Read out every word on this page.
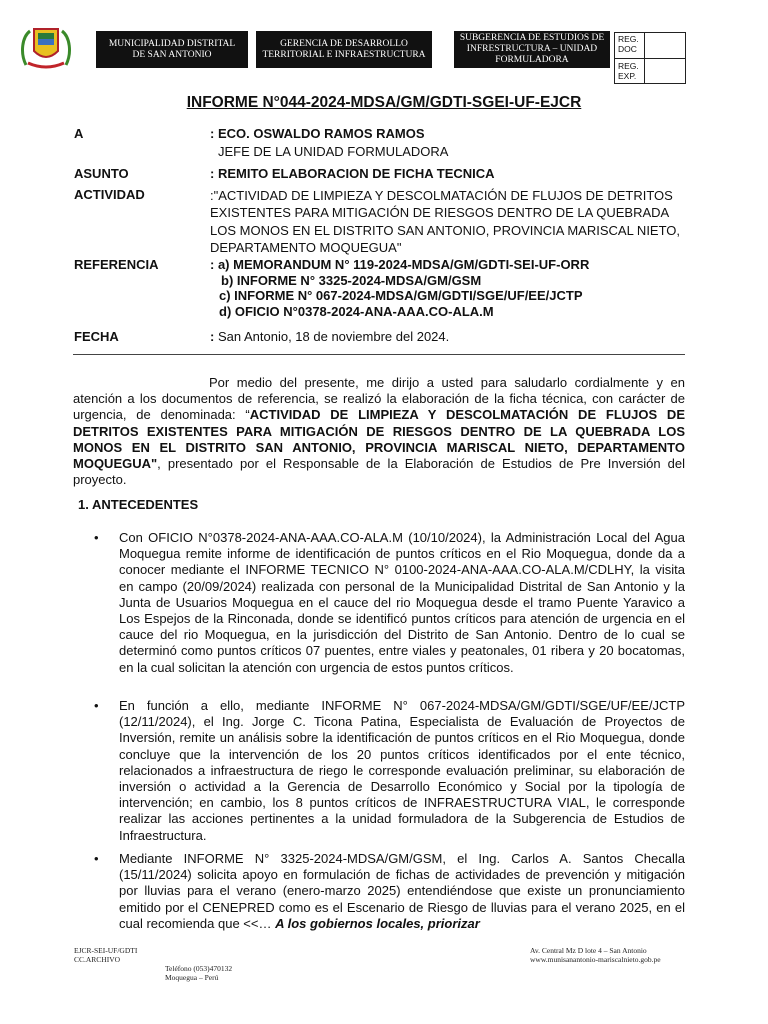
MUNICIPALIDAD DISTRITAL
DE SAN ANTONIO
GERENCIA DE DESARROLLO
TERRITORIAL E INFRAESTRUCTURA
SUBGERENCIA DE ESTUDIOS DE
INFRESTRUCTURA – UNIDAD
FORMULADORA
REG.
DOC
REG.
EXP.
INFORME N°044-2024-MDSA/GM/GDTI-SGEI-UF-EJCR
A	: ECO. OSWALDO RAMOS RAMOS
JEFE DE LA UNIDAD FORMULADORA
ASUNTO	: REMITO ELABORACION DE FICHA TECNICA
ACTIVIDAD	:"ACTIVIDAD DE LIMPIEZA Y DESCOLMATACIÓN DE FLUJOS DE DETRITOS
EXISTENTES PARA MITIGACIÓN DE RIESGOS DENTRO DE LA QUEBRADA
LOS MONOS EN EL DISTRITO SAN ANTONIO, PROVINCIA MARISCAL NIETO,
DEPARTAMENTO MOQUEGUA"
REFERENCIA	: a) MEMORANDUM N° 119-2024-MDSA/GM/GDTI-SEI-UF-ORR
b) INFORME N° 3325-2024-MDSA/GM/GSM
c) INFORME N° 067-2024-MDSA/GM/GDTI/SGE/UF/EE/JCTP
d) OFICIO N°0378-2024-ANA-AAA.CO-ALA.M
FECHA	: San Antonio, 18 de noviembre del 2024.
Por medio del presente, me dirijo a usted para saludarlo cordialmente y en atención a los documentos de referencia, se realizó la elaboración de la ficha técnica, con carácter de urgencia, de denominada: “ACTIVIDAD DE LIMPIEZA Y DESCOLMATACIÓN DE FLUJOS DE DETRITOS EXISTENTES PARA MITIGACIÓN DE RIESGOS DENTRO DE LA QUEBRADA LOS MONOS EN EL DISTRITO SAN ANTONIO, PROVINCIA MARISCAL NIETO, DEPARTAMENTO MOQUEGUA", presentado por el Responsable de la Elaboración de Estudios de Pre Inversión del proyecto.
1. ANTECEDENTES
• Con OFICIO N°0378-2024-ANA-AAA.CO-ALA.M (10/10/2024), la Administración Local del Agua Moquegua remite informe de identificación de puntos críticos en el Rio Moquegua, donde da a conocer mediante el INFORME TECNICO N° 0100-2024-ANA-AAA.CO-ALA.M/CDLHY, la visita en campo (20/09/2024) realizada con personal de la Municipalidad Distrital de San Antonio y la Junta de Usuarios Moquegua en el cauce del rio Moquegua desde el tramo Puente Yaravico a Los Espejos de la Rinconada, donde se identificó puntos críticos para atención de urgencia en el cauce del rio Moquegua, en la jurisdicción del Distrito de San Antonio. Dentro de lo cual se determinó como puntos críticos 07 puentes, entre viales y peatonales, 01 ribera y 20 bocatomas, en la cual solicitan la atención con urgencia de estos puntos críticos.
• En función a ello, mediante INFORME N° 067-2024-MDSA/GM/GDTI/SGE/UF/EE/JCTP (12/11/2024), el Ing. Jorge C. Ticona Patina, Especialista de Evaluación de Proyectos de Inversión, remite un análisis sobre la identificación de puntos críticos en el Rio Moquegua, donde concluye que la intervención de los 20 puntos críticos identificados por el ente técnico, relacionados a infraestructura de riego le corresponde evaluación preliminar, su elaboración de inversión o actividad a la Gerencia de Desarrollo Económico y Social por la tipología de intervención; en cambio, los 8 puntos críticos de INFRAESTRUCTURA VIAL, le corresponde realizar las acciones pertinentes a la unidad formuladora de la Subgerencia de Estudios de Infraestructura.
• Mediante INFORME N° 3325-2024-MDSA/GM/GSM, el Ing. Carlos A. Santos Checalla (15/11/2024) solicita apoyo en formulación de fichas de actividades de prevención y mitigación por lluvias para el verano (enero-marzo 2025) entendiéndose que existe un pronunciamiento emitido por el CENEPRED como es el Escenario de Riesgo de lluvias para el verano 2025, en el cual recomienda que <<… A los gobiernos locales, priorizar
EJCR-SEI-UF/GDTI
CC.ARCHIVO
Teléfono (053)470132
Moquegua – Perú
Av. Central Mz D lote 4 – San Antonio
www.munisanantonio-mariscalnieto.gob.pe
